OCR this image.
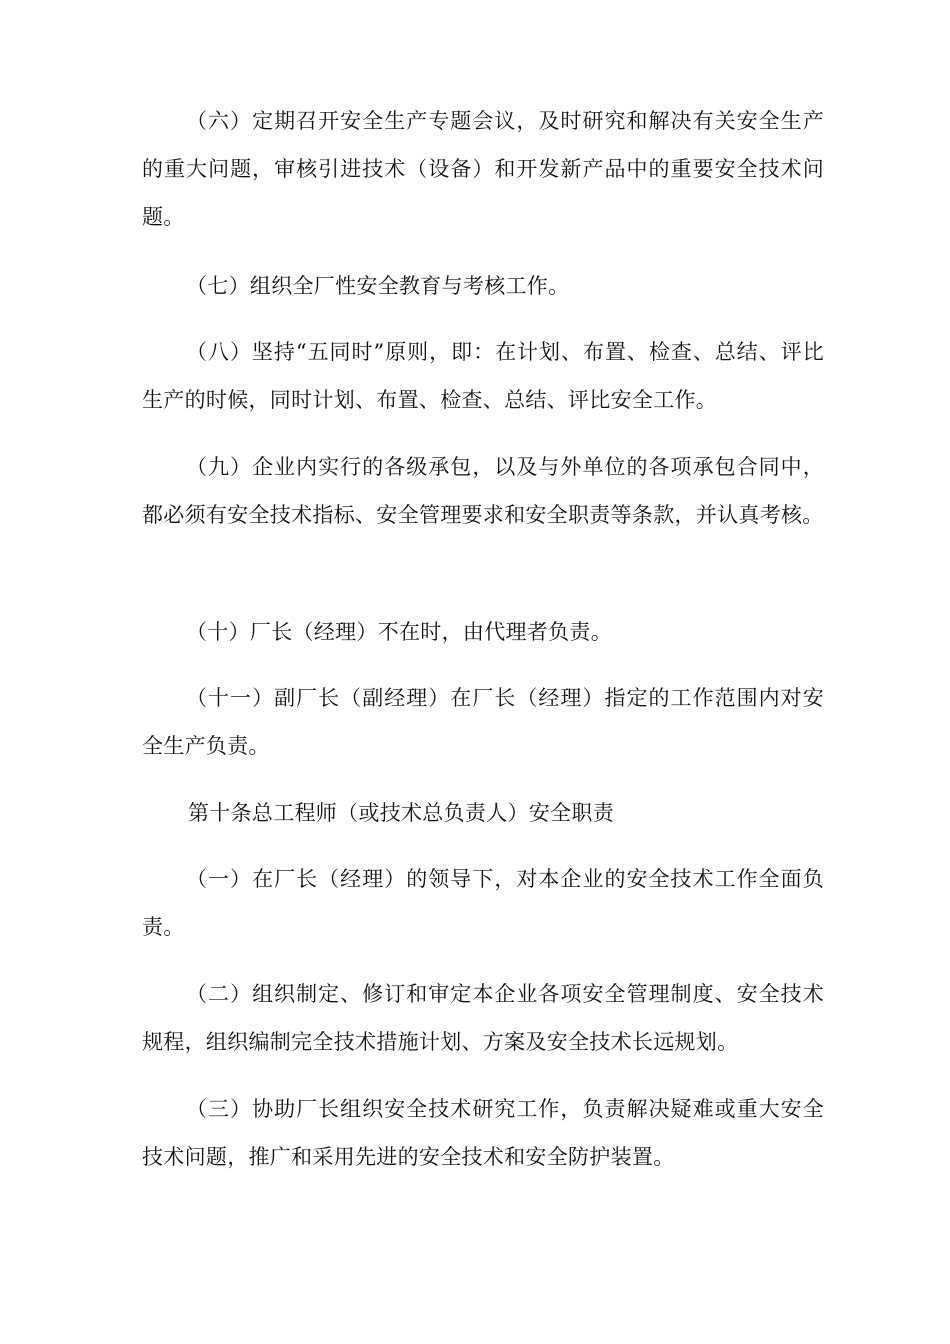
（六）定期召开安全生产专题会议，及时研究和解决有关安全生产的重大问题，审核引进技术（设备）和开发新产品中的重要安全技术问题。

（七）组织全厂性安全教育与考核工作。

（八）坚持“五同时”原则，即：在计划、布置、检查、总结、评比生产的时候，同时计划、布置、检查、总结、评比安全工作。

（九）企业内实行的各级承包，以及与外单位的各项承包合同中，都必须有安全技术指标、安全管理要求和安全职责等条款，并认真考核。

（十）厂长（经理）不在时，由代理者负责。

（十一）副厂长（副经理）在厂长（经理）指定的工作范围内对安全生产负责。

第十条总工程师（或技术总负责人）安全职责

（一）在厂长（经理）的领导下，对本企业的安全技术工作全面负责。

（二）组织制定、修订和审定本企业各项安全管理制度、安全技术规程，组织编制完全技术措施计划、方案及安全技术长远规划。

（三）协助厂长组织安全技术研究工作，负责解决疑难或重大安全技术问题，推广和采用先进的安全技术和安全防护装置。
